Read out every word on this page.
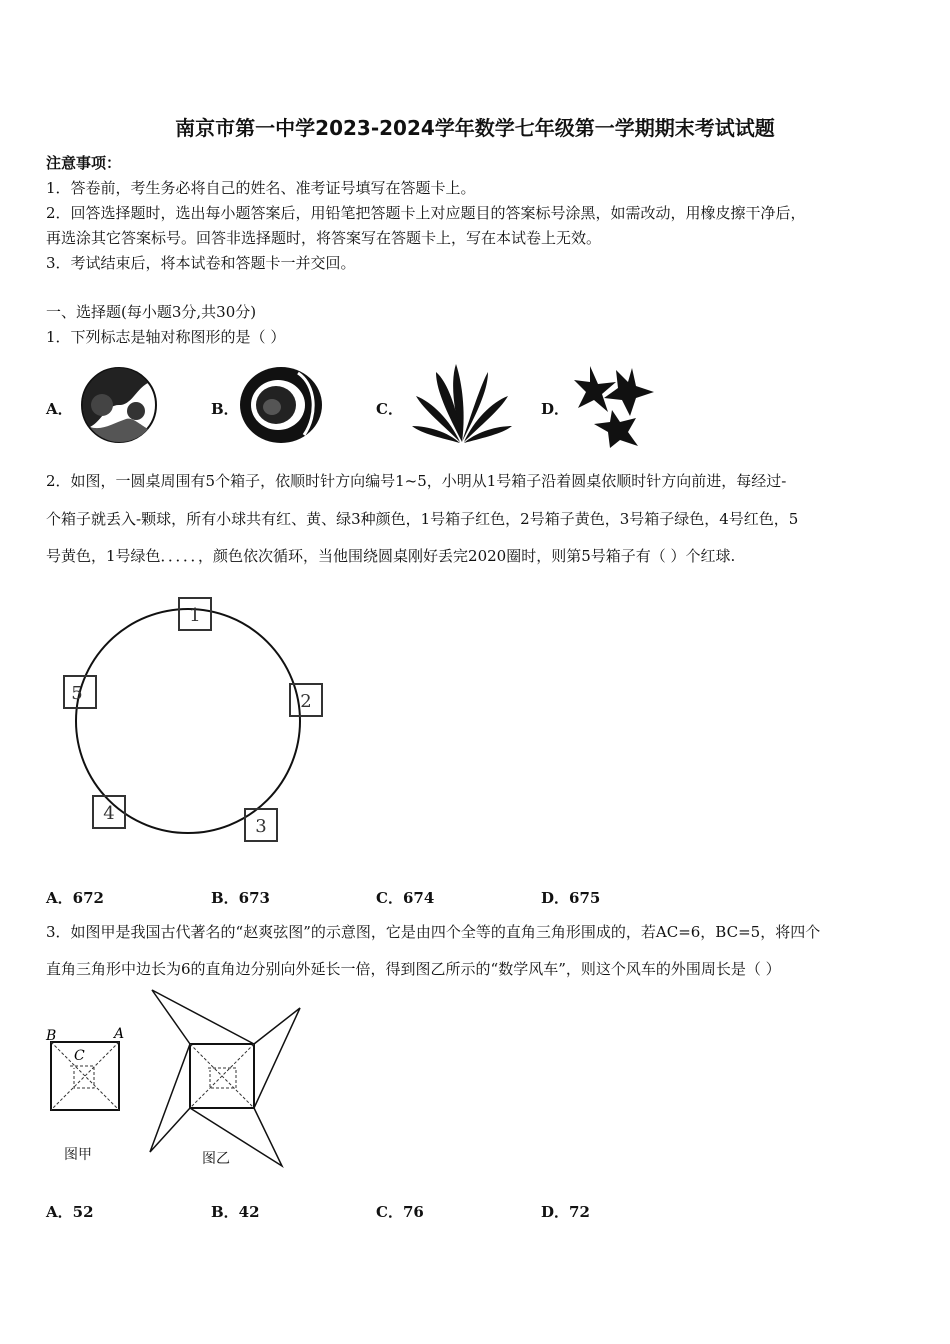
南京市第一中学2023-2024学年数学七年级第一学期期末考试试题
注意事项：
1．答卷前，考生务必将自己的姓名、准考证号填写在答题卡上。
2．回答选择题时，选出每小题答案后，用铅笔把答题卡上对应题目的答案标号涂黑，如需改动，用橡皮擦干净后，
再选涂其它答案标号。回答非选择题时，将答案写在答题卡上，写在本试卷上无效。
3．考试结束后，将本试卷和答题卡一并交回。
一、选择题(每小题3分,共30分)
1．下列标志是轴对称图形的是（ ）
A．	B．	C．	D．
2．如图，一圆桌周围有5个箱子，依顺时针方向编号1~5，小明从1号箱子沿着圆桌依顺时针方向前进，每经过-
个箱子就丢入-颗球，所有小球共有红、黄、绿3种颜色，1号箱子红色，2号箱子黄色，3号箱子绿色，4号红色，5
号黄色，1号绿色．．．．．，颜色依次循环，当他围绕圆桌刚好丢完2020圈时，则第5号箱子有（ ）个红球.
1
2
3
4
5
A．672	B．673	C．674	D．675
3．如图甲是我国古代著名的“赵爽弦图”的示意图，它是由四个全等的直角三角形围成的，若AC=6，BC=5，将四个
直角三角形中边长为6的直角边分别向外延长一倍，得到图乙所示的“数学风车”，则这个风车的外围周长是（ ）
B	A
C
图甲	图乙
A．52	B．42	C．76	D．72
